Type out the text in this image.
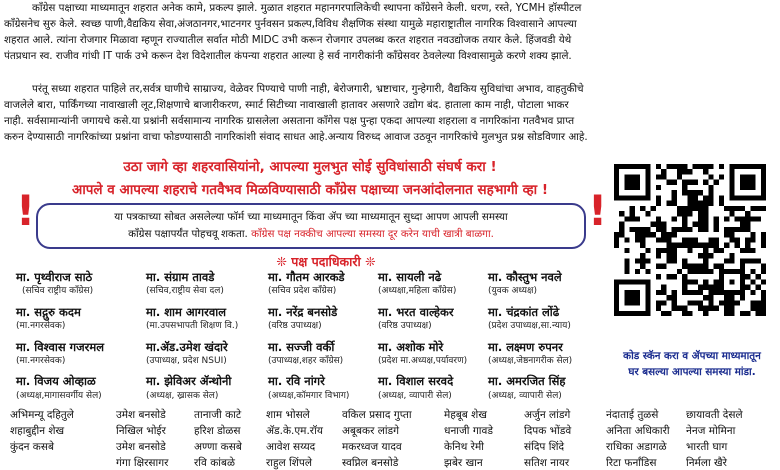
काँग्रेस पक्षाच्या माध्यमातून शहरात अनेक कामे, प्रकल्प झाले. मुळात शहरात महानगरपालिकेची स्थापना काँग्रेसने केली. धरण, रस्ते, YCMH हॉस्पीटल
काँग्रेसनेच सुरु केले. स्वच्छ पाणी,वैद्यकिय सेवा,अंजठानगर,भाटनगर पुर्नवसन प्रकल्प,विविध शैक्षणिक संस्था यामुळे महाराष्ट्रातील नागरिक विश्वासाने आपल्या
शहरात आले. त्यांना रोजगार मिळावा म्हणून राज्यातील सर्वात मोठी MIDC उभी करून रोजगार उपलब्ध करत शहरात नवउद्योजक तयार केले. हिंजवडी येथे
पंतप्रधान स्व. राजीव गांधी IT पार्क उभे करून देश विदेशातील कंपन्या शहरात आल्या हे सर्व नागरीकांनी काँग्रेसवर ठेवलेल्या विश्वासामुळे करणे शक्य झाले.
परंतू सध्या शहरात पाहिले तर,सर्वत्र घाणीचे साम्राज्य, वेळेवर पिण्याचे पाणी नाही, बेरोजगारी, भ्रष्टाचार, गुन्हेगारी, वैद्यकिय सुविधांचा अभाव, वाहतुकीचे
वाजलेले बारा, पार्किंगच्या नावाखाली लूट,शिक्षणाचे बाजारीकरण, स्मार्ट सिटीच्या नावाखाली हातावर असणारे उद्योग बंद. हाताला काम नाही, पोटाला भाकर
नाही. सर्वसामान्यांनी जगायचे कसे.या प्रश्नांनी सर्वसामान्य नागरिक ग्रासलेला असताना काँगेस पक्ष पुन्हा एकदा आपल्या शहराला व नागरिकांना गतवैभव प्राप्त
करुन देण्यासाठी नागरिकांच्या प्रश्नांना वाचा फोडण्यासाठी नागरिकांशी संवाद साधत आहे.अन्याय विरुध्द आवाज उठवून नागरिकांचे मुलभुत प्रश्न सोडविणार आहे.
उठा जागे व्हा शहरवासियांनो, आपल्या मुलभुत सोई सुविधांसाठी संघर्ष करा !
आपले व आपल्या शहराचे गतवैभव मिळविण्यासाठी काँग्रेस पक्षाच्या जनआंदोलनात सहभागी व्हा !
!	!
या पत्रकाच्या सोबत असलेल्या फॉर्म च्या माध्यमातून किंवा ॲप च्या माध्यमातून सुध्दा आपण आपली समस्या
काँग्रेस पक्षापर्यंत पोहचवू शकता. काँग्रेस पक्ष नक्कीच आपल्या समस्या दूर करेन याची खात्री बाळगा.
❊ पक्ष पदाधिकारी ❊
मा. पृथ्वीराज साठे
(सचिव राष्ट्रीय काँग्रेस)
मा. सद्गुरु कदम
(मा.नगरसेवक)
मा. विश्वास गजरमल
(मा.नगरसेवक)
मा. विजय ओव्हाळ
(अध्यक्ष,मागासवर्गीय सेल)
मा. संग्राम तावडे
(सचिव,राष्ट्रीय सेवा दल)
मा. शाम आगरवाल
(मा.उपसभापती शिक्षण वि.)
मा.ॲड.उमेश खंदारे
(उपाध्यक्ष, प्रदेश NSUI)
मा. झेविअर ॲन्थोनी
(अध्यक्ष, ख्रासक सेल)
मा. गौतम आरकडे
(सचिव प्रदेश काँग्रेस)
मा. नरेंद्र बनसोडे
(वरिष्ठ उपाध्यक्ष)
मा. सज्जी वर्की
(उपाध्यक्ष,शहर काँग्रेस)
मा. रवि नांगरे
(अध्यक्ष,कॉमगार विभाग)
मा. सायली नढे
(अध्यक्षा,महिला काँग्रेस)
मा. भरत वाल्हेकर
(वरिष्ठ उपाध्यक्ष)
मा. अशोक मोरे
(प्रदेश मा.अध्यक्ष,पर्यावरण)
मा. विशाल सरवदे
(अध्यक्ष, व्यापारी सेल)
मा. कौस्तुभ नवले
(युवक अध्यक्ष)
मा. चंद्रकांत लोंढे
(प्रदेश उपाध्यक्ष,सा.न्याय)
मा. लक्ष्मण रुपनर
(अध्यक्ष,जेष्ठनागरीक सेल)
मा. अमरजित सिंह
(अध्यक्ष, व्यापारी सेल)
अभिमन्यू दहितुले
शहाबुद्दीन शेख
कुंदन कसबे
उमेश बनसोडे
निखिल भोईर
उमेश बनसोडे
तानाजी काटे
हरिश डोळस
अण्णा कसबे
गंगा क्षिरसागर रवि कांबळे
शाम भोसले
ॲड.के.एम.रॉय
आवेश सय्यद
राहुल शिंपले
वकिल प्रसाद गुप्ता
अबूबकर लांडगे
मकरध्वज यादव
स्वप्निल बनसोडे
मेहबूब शेख
धनाजी गावडे
केनिथ रेमी
झबेर खान
अर्जुन लांडगे
दिपक भोंडवे
संदिप शिंदे
सतिश नायर
नंदाताई तुळसे
अनिता अधिकारी
राधिका अडागळे
रिटा फर्नांडिस
छायावती देसले
नेनज मोमिना
भारती घाग
निर्मला खैरे
कोड स्कॅन करा व ॲपच्या माध्यमातून
घर बसल्या आपल्या समस्या मांडा.
